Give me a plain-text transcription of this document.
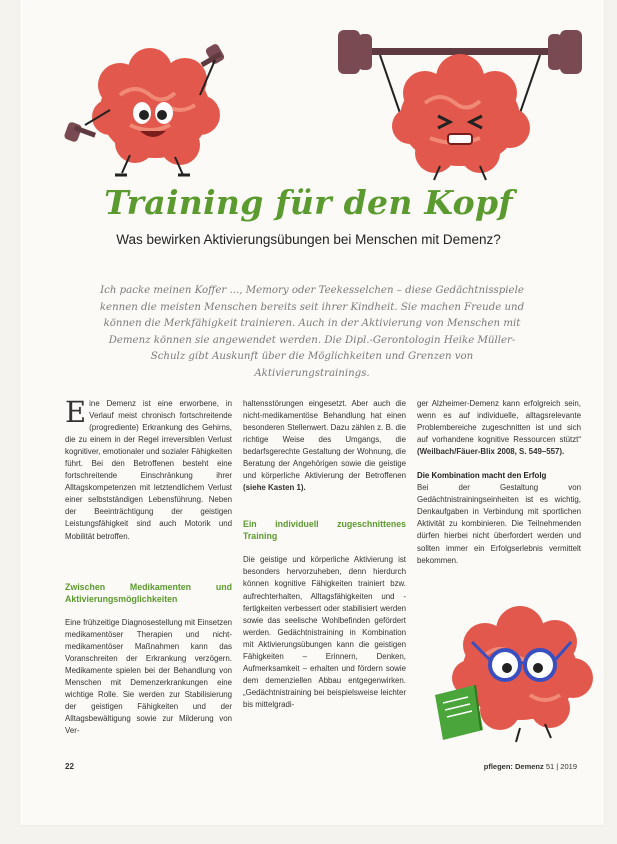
Training für den Kopf
Was bewirken Aktivierungsübungen bei Menschen mit Demenz?
Ich packe meinen Koffer ..., Memory oder Teekesselchen – diese Gedächtnisspiele kennen die meisten Menschen bereits seit ihrer Kindheit. Sie machen Freude und können die Merkfähigkeit trainieren. Auch in der Aktivierung von Menschen mit Demenz können sie angewendet werden. Die Dipl.-Gerontologin Heike Müller-Schulz gibt Auskunft über die Möglichkeiten und Grenzen von Aktivierungstrainings.

Eine Demenz ist eine erworbene, in Verlauf meist chronisch fortschreitende (progrediente) Erkrankung des Gehirns, die zu einem in der Regel irreversiblen Verlust kognitiver, emotionaler und sozialer Fähigkeiten führt. Bei den Betroffenen besteht eine fortschreitende Einschränkung ihrer Alltagskompetenzen mit letztendlichem Verlust einer selbstständigen Lebensführung. Neben der Beeinträchtigung der geistigen Leistungsfähigkeit sind auch Motorik und Mobilität betroffen.

Zwischen Medikamenten und Aktivierungsmöglichkeiten

Eine frühzeitige Diagnosestellung mit Einsetzen medikamentöser Therapien und nicht-medikamentöser Maßnahmen kann das Voranschreiten der Erkrankung verzögern. Medikamente spielen bei der Behandlung von Menschen mit Demenzerkrankungen eine wichtige Rolle. Sie werden zur Stabilisierung der geistigen Fähigkeiten und der Alltagsbewältigung sowie zur Milderung von Ver-

haltensstörungen eingesetzt. Aber auch die nicht-medikamentöse Behandlung hat einen besonderen Stellenwert. Dazu zählen z. B. die richtige Weise des Umgangs, die bedarfsgerechte Gestaltung der Wohnung, die Beratung der Angehörigen sowie die geistige und körperliche Aktivierung der Betroffenen (siehe Kasten 1).

Ein individuell zugeschnittenes Training

Die geistige und körperliche Aktivierung ist besonders hervorzuheben, denn hierdurch können kognitive Fähigkeiten trainiert bzw. aufrechterhalten, Alltagsfähigkeiten und -fertigkeiten verbessert oder stabilisiert werden sowie das seelische Wohlbefinden gefördert werden. Gedächtnistraining in Kombination mit Aktivierungsübungen kann die geistigen Fähigkeiten – Erinnern, Denken, Aufmerksamkeit – erhalten und fördern sowie dem demenziellen Abbau entgegenwirken. „Gedächtnistraining bei beispielsweise leichter bis mittelgradi-

ger Alzheimer-Demenz kann erfolgreich sein, wenn es auf individuelle, alltagsrelevante Problembereiche zugeschnitten ist und sich auf vorhandene kognitive Ressourcen stützt“ (Weilbach/Fäuer-Blix 2008, S. 549–557).

Die Kombination macht den Erfolg

Bei der Gestaltung von Gedächtnistrainingseinheiten ist es wichtig, Denkaufgaben in Verbindung mit sportlichen Aktivität zu kombinieren. Die Teilnehmenden dürfen hierbei nicht überfordert werden und sollten immer ein Erfolgserlebnis vermittelt bekommen.

22	pflegen: Demenz 51 | 2019
